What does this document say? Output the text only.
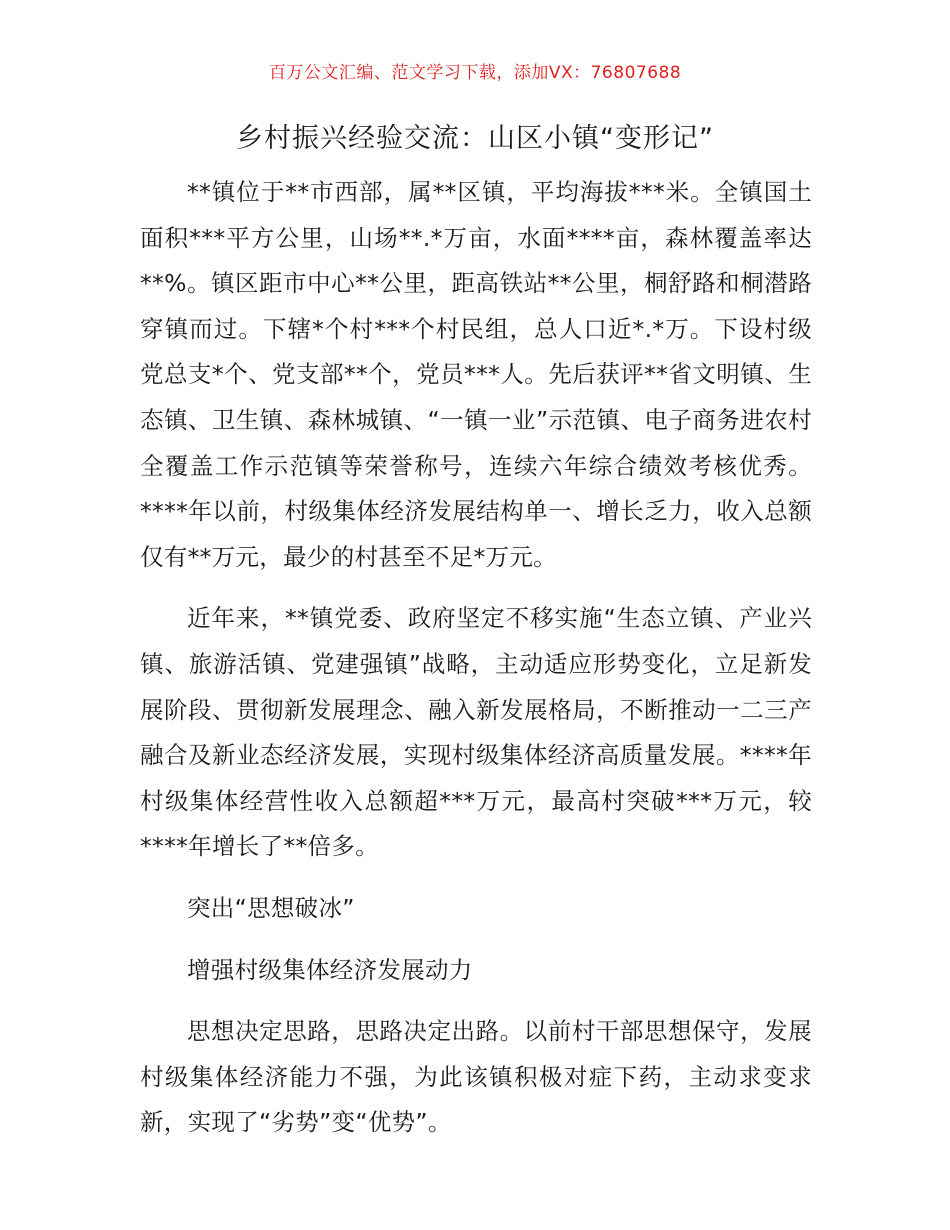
百万公文汇编、范文学习下载，添加VX：76807688
乡村振兴经验交流：山区小镇“变形记”

**镇位于**市西部，属**区镇，平均海拔***米。全镇国土面积***平方公里，山场**.*万亩，水面****亩，森林覆盖率达**%。镇区距市中心**公里，距高铁站**公里，桐舒路和桐潜路穿镇而过。下辖*个村***个村民组，总人口近*.*万。下设村级党总支*个、党支部**个，党员***人。先后获评**省文明镇、生态镇、卫生镇、森林城镇、“一镇一业”示范镇、电子商务进农村全覆盖工作示范镇等荣誉称号，连续六年综合绩效考核优秀。****年以前，村级集体经济发展结构单一、增长乏力，收入总额仅有**万元，最少的村甚至不足*万元。

近年来，**镇党委、政府坚定不移实施“生态立镇、产业兴镇、旅游活镇、党建强镇”战略，主动适应形势变化，立足新发展阶段、贯彻新发展理念、融入新发展格局，不断推动一二三产融合及新业态经济发展，实现村级集体经济高质量发展。****年村级集体经营性收入总额超***万元，最高村突破***万元，较****年增长了**倍多。

突出“思想破冰”

增强村级集体经济发展动力

思想决定思路，思路决定出路。以前村干部思想保守，发展村级集体经济能力不强，为此该镇积极对症下药，主动求变求新，实现了“劣势”变“优势”。
